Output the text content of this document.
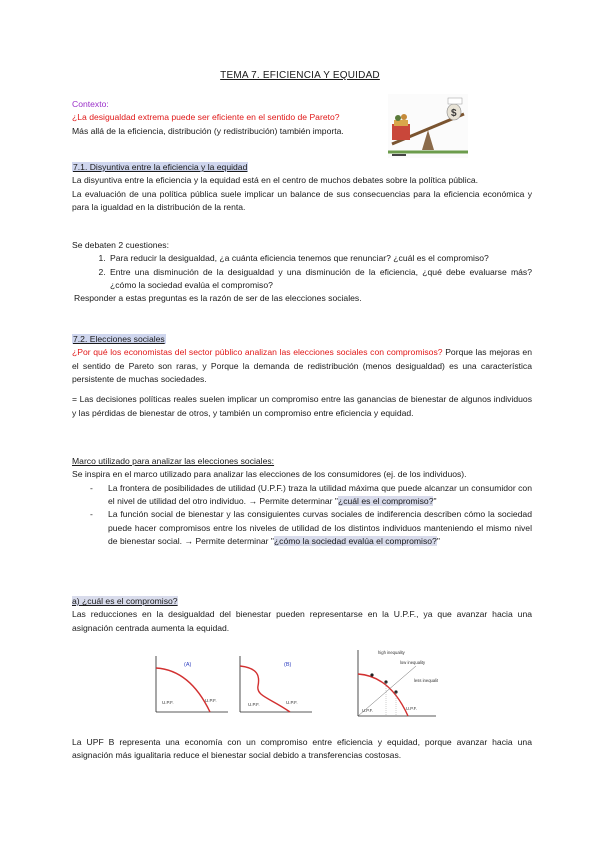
TEMA 7. EFICIENCIA Y EQUIDAD
Contexto:
¿La desigualdad extrema puede ser eficiente en el sentido de Pareto?
Más allá de la eficiencia, distribución (y redistribución) también importa.
$
7.1. Disyuntiva entre la eficiencia y la equidad
La disyuntiva entre la eficiencia y la equidad está en el centro de muchos debates sobre la política pública.
La evaluación de una política pública suele implicar un balance de sus consecuencias para la eficiencia económica y para la igualdad en la distribución de la renta.
Se debaten 2 cuestiones:
1. Para reducir la desigualdad, ¿a cuánta eficiencia tenemos que renunciar? ¿cuál es el compromiso?
2. Entre una disminución de la desigualdad y una disminución de la eficiencia, ¿qué debe evaluarse más? ¿cómo la sociedad evalúa el compromiso?
Responder a estas preguntas es la razón de ser de las elecciones sociales.
7.2. Elecciones sociales
¿Por qué los economistas del sector público analizan las elecciones sociales con compromisos? Porque las mejoras en el sentido de Pareto son raras, y Porque la demanda de redistribución (menos desigualdad) es una característica persistente de muchas sociedades.
= Las decisiones políticas reales suelen implicar un compromiso entre las ganancias de bienestar de algunos individuos y las pérdidas de bienestar de otros, y también un compromiso entre eficiencia y equidad.
Marco utilizado para analizar las elecciones sociales:
Se inspira en el marco utilizado para analizar las elecciones de los consumidores (ej. de los individuos).
- La frontera de posibilidades de utilidad (U.P.F.) traza la utilidad máxima que puede alcanzar un consumidor con el nivel de utilidad del otro individuo. → Permite determinar "¿cuál es el compromiso?"
- La función social de bienestar y las consiguientes curvas sociales de indiferencia describen cómo la sociedad puede hacer compromisos entre los niveles de utilidad de los distintos individuos manteniendo el mismo nivel de bienestar social. → Permite determinar "¿cómo la sociedad evalúa el compromiso?"
a) ¿cuál es el compromiso?
Las reducciones en la desigualdad del bienestar pueden representarse en la U.P.F., ya que avanzar hacia una asignación centrada aumenta la equidad.
(A)
U.P.F.	U.P.F.
(B)
U.P.F.	U.P.F.
high inequality
low inequality
less inequality
U.P.F.	U.P.F.
La UPF B representa una economía con un compromiso entre eficiencia y equidad, porque avanzar hacia una asignación más igualitaria reduce el bienestar social debido a transferencias costosas.
